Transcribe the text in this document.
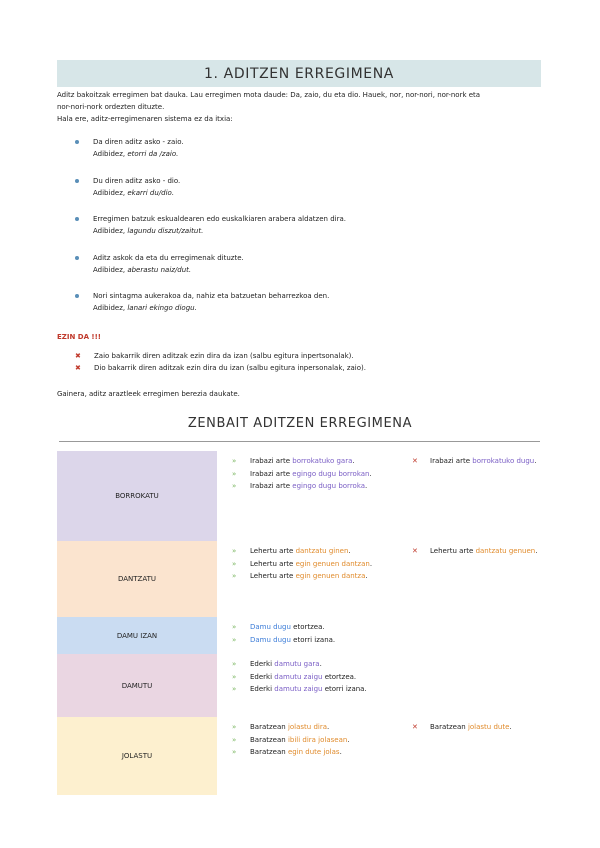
1. ADITZEN ERREGIMENA

Aditz bakoitzak erregimen bat dauka. Lau erregimen mota daude: Da, zaio, du eta dio. Hauek, nor, nor-nori, nor-nork eta

nor-nori-nork ordezten dituzte.

Hala ere, aditz-erregimenaren sistema ez da itxia:

Da diren aditz asko - zaio.

Adibidez, etorri da /zaio.

Du diren aditz asko - dio.

Adibidez, ekarri du/dio.

Erregimen batzuk eskualdearen edo euskalkiaren arabera aldatzen dira.

Adibidez, lagundu diszut/zaitut.

Aditz askok da eta du erregimenak dituzte.

Adibidez, aberastu naiz/dut.

Nori sintagma aukerakoa da, nahiz eta batzuetan beharrezkoa den.

Adibidez, lanari ekingo diogu.

EZIN DA !!!
✖ Zaio bakarrik diren aditzak ezin dira da izan (salbu egitura inpertsonalak).
✖ Dio bakarrik diren aditzak ezin dira du izan (salbu egitura inpersonalak, zaio).
Gainera, aditz araztleek erregimen berezia daukate.
ZENBAIT ADITZEN ERREGIMENA
BORROKATU
» Irabazi arte borrokatuko gara.
» Irabazi arte egingo dugu borrokan.
» Irabazi arte egingo dugu borroka.
✕ Irabazi arte borrokatuko dugu.
DANTZATU
» Lehertu arte dantzatu ginen.
» Lehertu arte egin genuen dantzan.
» Lehertu arte egin genuen dantza.
✕ Lehertu arte dantzatu genuen.
DAMU IZAN
» Damu dugu etortzea.
» Damu dugu etorri izana.
DAMUTU
» Ederki damutu gara.
» Ederki damutu zaigu etortzea.
» Ederki damutu zaigu etorri izana.
JOLASTU
» Baratzean jolastu dira.
» Baratzean ibili dira jolasean.
» Baratzean egin dute jolas.
✕ Baratzean jolastu dute.
